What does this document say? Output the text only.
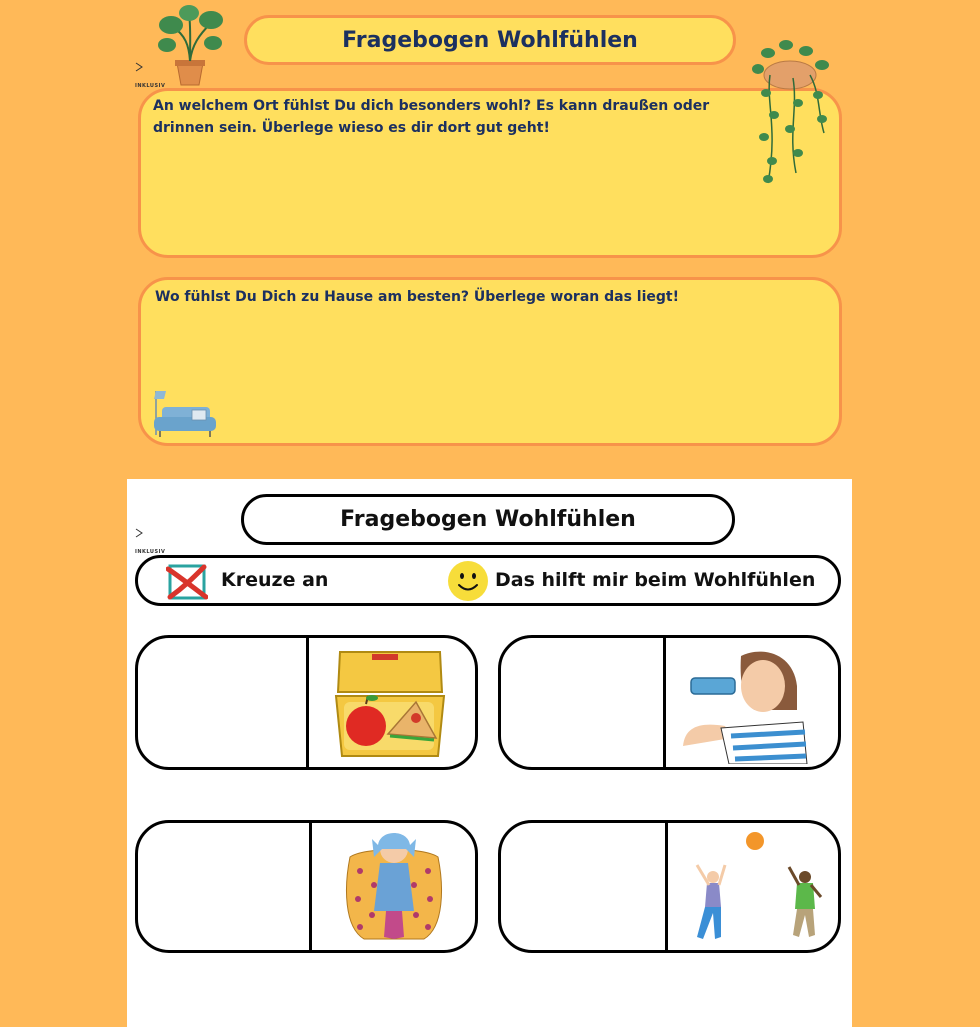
INKLUSIV
Fragebogen Wohlfühlen

An welchem Ort fühlst Du dich besonders wohl? Es kann draußen oder drinnen sein. Überlege wieso es dir dort gut geht!

Wo fühlst Du Dich zu Hause am besten? Überlege woran das liegt!

INKLUSIV
Fragebogen Wohlfühlen
Kreuze an	Das hilft mir beim Wohlfühlen
